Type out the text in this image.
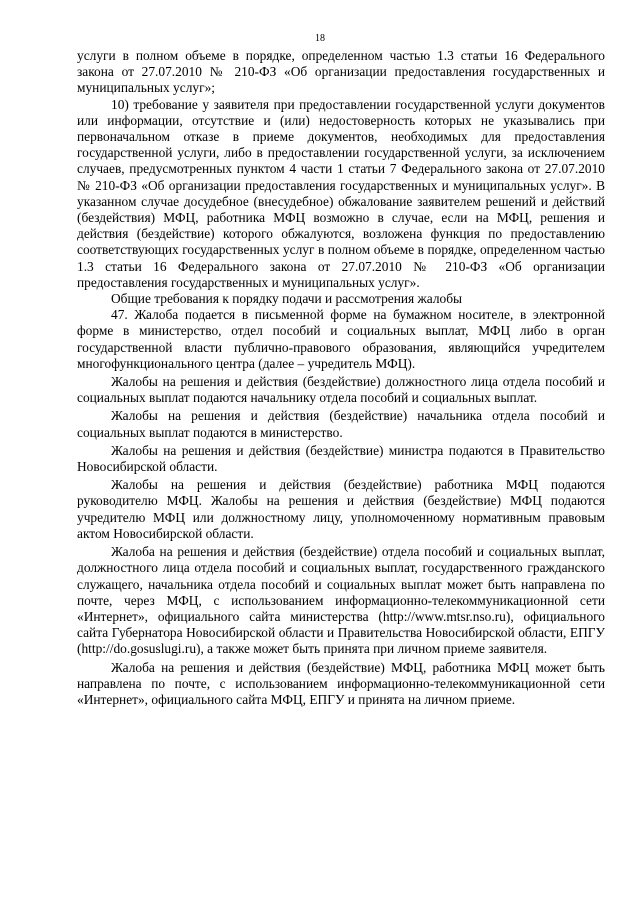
18

услуги в полном объеме в порядке, определенном частью 1.3 статьи 16 Федерального закона от 27.07.2010 № 210-ФЗ «Об организации предоставления государственных и муниципальных услуг»;

10) требование у заявителя при предоставлении государственной услуги документов или информации, отсутствие и (или) недостоверность которых не указывались при первоначальном отказе в приеме документов, необходимых для предоставления государственной услуги, либо в предоставлении государственной услуги, за исключением случаев, предусмотренных пунктом 4 части 1 статьи 7 Федерального закона от 27.07.2010 № 210-ФЗ «Об организации предоставления государственных и муниципальных услуг». В указанном случае досудебное (внесудебное) обжалование заявителем решений и действий (бездействия) МФЦ, работника МФЦ возможно в случае, если на МФЦ, решения и действия (бездействие) которого обжалуются, возложена функция по предоставлению соответствующих государственных услуг в полном объеме в порядке, определенном частью 1.3 статьи 16 Федерального закона от 27.07.2010 № 210-ФЗ «Об организации предоставления государственных и муниципальных услуг».

Общие требования к порядку подачи и рассмотрения жалобы

47. Жалоба подается в письменной форме на бумажном носителе, в электронной форме в министерство, отдел пособий и социальных выплат, МФЦ либо в орган государственной власти публично-правового образования, являющийся учредителем многофункционального центра (далее – учредитель МФЦ).

Жалобы на решения и действия (бездействие) должностного лица отдела пособий и социальных выплат подаются начальнику отдела пособий и социальных выплат.

Жалобы на решения и действия (бездействие) начальника отдела пособий и социальных выплат подаются в министерство.

Жалобы на решения и действия (бездействие) министра подаются в Правительство Новосибирской области.

Жалобы на решения и действия (бездействие) работника МФЦ подаются руководителю МФЦ. Жалобы на решения и действия (бездействие) МФЦ подаются учредителю МФЦ или должностному лицу, уполномоченному нормативным правовым актом Новосибирской области.

Жалоба на решения и действия (бездействие) отдела пособий и социальных выплат, должностного лица отдела пособий и социальных выплат, государственного гражданского служащего, начальника отдела пособий и социальных выплат может быть направлена по почте, через МФЦ, с использованием информационно-телекоммуникационной сети «Интернет», официального сайта министерства (http://www.mtsr.nso.ru), официального сайта Губернатора Новосибирской области и Правительства Новосибирской области, ЕПГУ (http://do.gosuslugi.ru), а также может быть принята при личном приеме заявителя.

Жалоба на решения и действия (бездействие) МФЦ, работника МФЦ может быть направлена по почте, с использованием информационно-телекоммуникационной сети «Интернет», официального сайта МФЦ, ЕПГУ и принята на личном приеме.
